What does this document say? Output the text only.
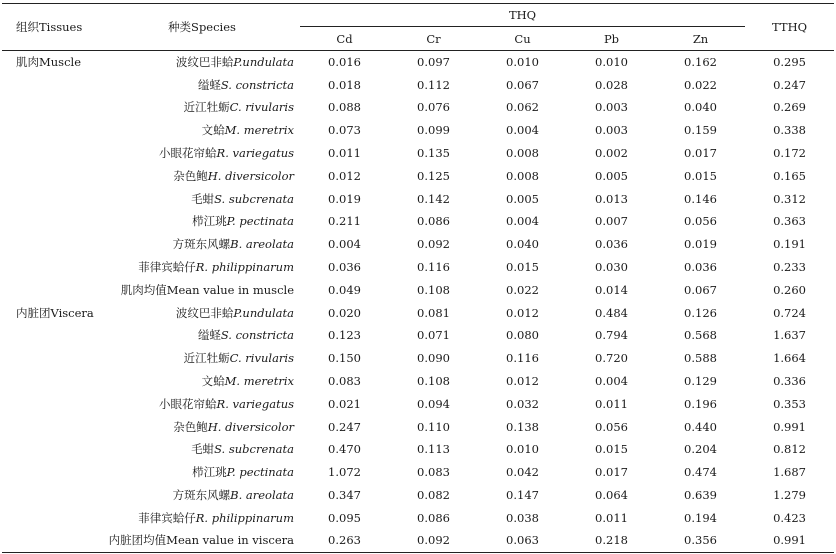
组织Tissues	种类Species	THQ					TTHQ
		Cd	Cr	Cu	Pb	Zn	
肌肉Muscle	波纹巴非蛤P.undulata	0.016	0.097	0.010	0.010	0.162	0.295
	缢蛏S. constricta	0.018	0.112	0.067	0.028	0.022	0.247
	近江牡蛎C. rivularis	0.088	0.076	0.062	0.003	0.040	0.269
	文蛤M. meretrix	0.073	0.099	0.004	0.003	0.159	0.338
	小眼花帘蛤R. variegatus	0.011	0.135	0.008	0.002	0.017	0.172
	杂色鲍H. diversicolor	0.012	0.125	0.008	0.005	0.015	0.165
	毛蚶S. subcrenata	0.019	0.142	0.005	0.013	0.146	0.312
	栉江珧P. pectinata	0.211	0.086	0.004	0.007	0.056	0.363
	方斑东风螺B. areolata	0.004	0.092	0.040	0.036	0.019	0.191
	菲律宾蛤仔R. philippinarum	0.036	0.116	0.015	0.030	0.036	0.233
	肌肉均值Mean value in muscle	0.049	0.108	0.022	0.014	0.067	0.260
内脏团Viscera	波纹巴非蛤P.undulata	0.020	0.081	0.012	0.484	0.126	0.724
	缢蛏S. constricta	0.123	0.071	0.080	0.794	0.568	1.637
	近江牡蛎C. rivularis	0.150	0.090	0.116	0.720	0.588	1.664
	文蛤M. meretrix	0.083	0.108	0.012	0.004	0.129	0.336
	小眼花帘蛤R. variegatus	0.021	0.094	0.032	0.011	0.196	0.353
	杂色鲍H. diversicolor	0.247	0.110	0.138	0.056	0.440	0.991
	毛蚶S. subcrenata	0.470	0.113	0.010	0.015	0.204	0.812
	栉江珧P. pectinata	1.072	0.083	0.042	0.017	0.474	1.687
	方斑东风螺B. areolata	0.347	0.082	0.147	0.064	0.639	1.279
	菲律宾蛤仔R. philippinarum	0.095	0.086	0.038	0.011	0.194	0.423
	内脏团均值Mean value in viscera	0.263	0.092	0.063	0.218	0.356	0.991
